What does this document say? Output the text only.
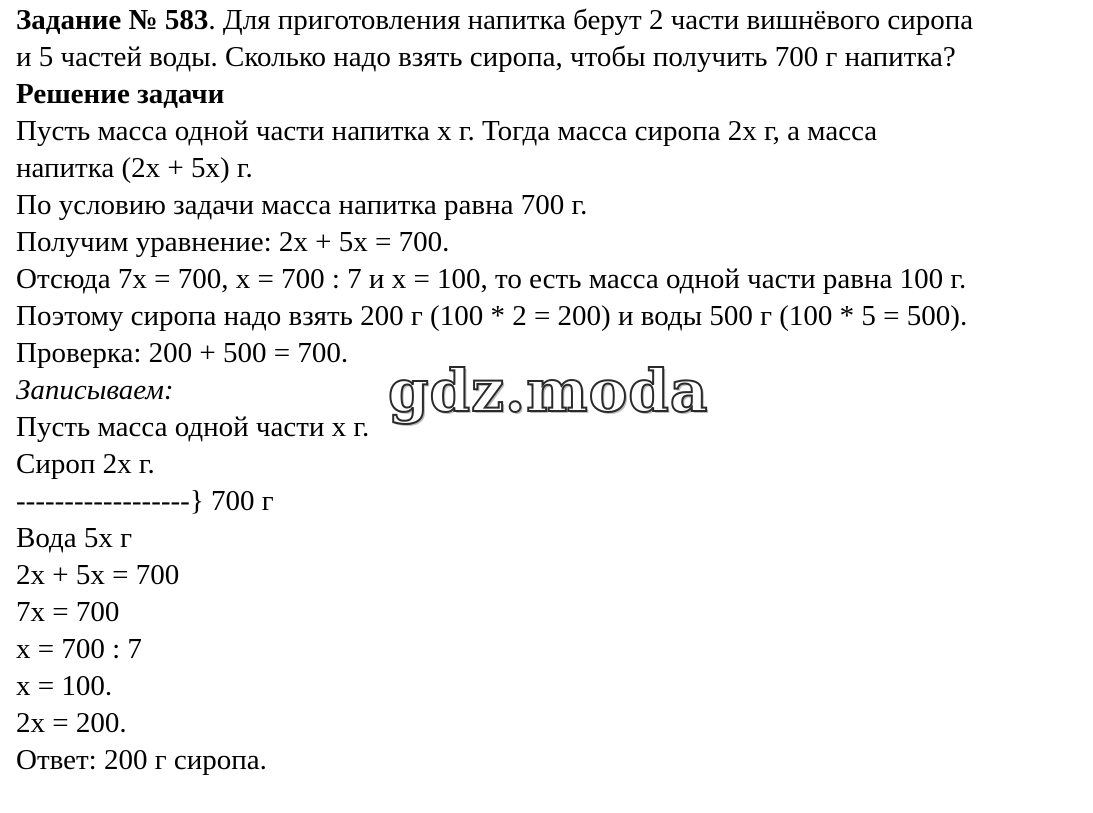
Задание № 583. Для приготовления напитка берут 2 части вишнёвого сиропа
и 5 частей воды. Сколько надо взять сиропа, чтобы получить 700 г напитка?
Решение задачи
Пусть масса одной части напитка х г. Тогда масса сиропа 2х г, а масса
напитка (2х + 5х) г.
По условию задачи масса напитка равна 700 г.
Получим уравнение: 2х + 5х = 700.
Отсюда 7х = 700, х = 700 : 7 и х = 100, то есть масса одной части равна 100 г.
Поэтому сиропа надо взять 200 г (100 * 2 = 200) и воды 500 г (100 * 5 = 500).
Проверка: 200 + 500 = 700.
Записываем:
Пусть масса одной части х г.
Сироп 2х г.
------------------} 700 г
Вода 5х г
2х + 5х = 700
7х = 700
х = 700 : 7
х = 100.
2х = 200.
Ответ: 200 г сиропа.
gdz.moda
